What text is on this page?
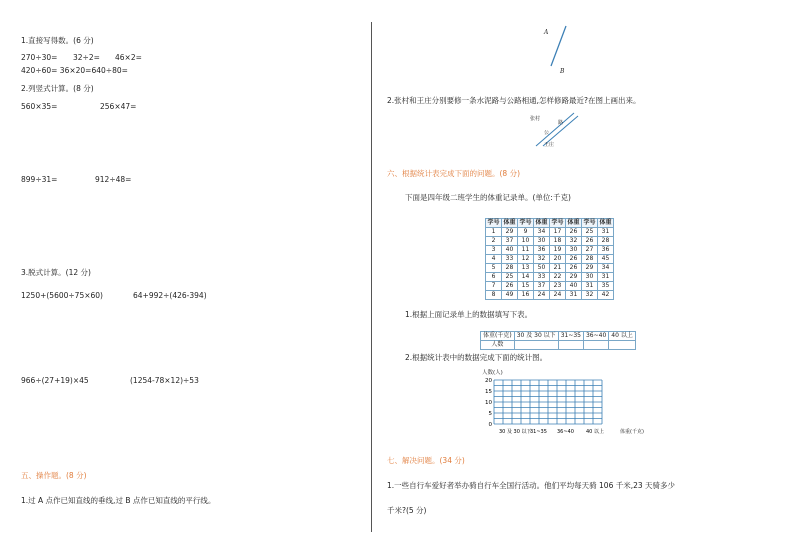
1.直接写得数。(6 分)
270÷30= 32÷2= 46×2=
420÷60= 36×20=640÷80=
2.列竖式计算。(8 分)
560×35=	256×47=
899÷31=	912÷48=
3.脱式计算。(12 分)
1250+(5600÷75×60)	64+992÷(426-394)
966÷(27+19)×45	(1254-78×12)÷53
五、操作题。(8 分)
1.过 A 点作已知直线的垂线,过 B 点作已知直线的平行线。
A
B
2.张村和王庄分别要修一条水泥路与公路相通,怎样修路最近?在图上画出来。
张村
公
路
王庄
六、根据统计表完成下面的问题。(8 分)
下面是四年级二班学生的体重记录单。(单位:千克)
学号	体重	学号	体重	学号	体重	学号	体重
1	29	9	34	17	26	25	31
2	37	10	30	18	32	26	28
3	40	11	36	19	30	27	36
4	33	12	32	20	26	28	45
5	28	13	50	21	26	29	34
6	25	14	33	22	29	30	31
7	26	15	37	23	40	31	35
8	49	16	24	24	31	32	42
1.根据上面记录单上的数据填写下表。
体重(千克)	30 及 30 以下	31~35	36~40	40 以上
人数				
2.根据统计表中的数据完成下面的统计图。
人数(人)
20
15
10
5
0
30 及 30 以下
31~35 36~40 40 以上	体重(千克)
七、解决问题。(34 分)
1.一些自行车爱好者举办骑自行车全国行活动。他们平均每天骑 106 千米,23 天骑多少
千米?(5 分)
